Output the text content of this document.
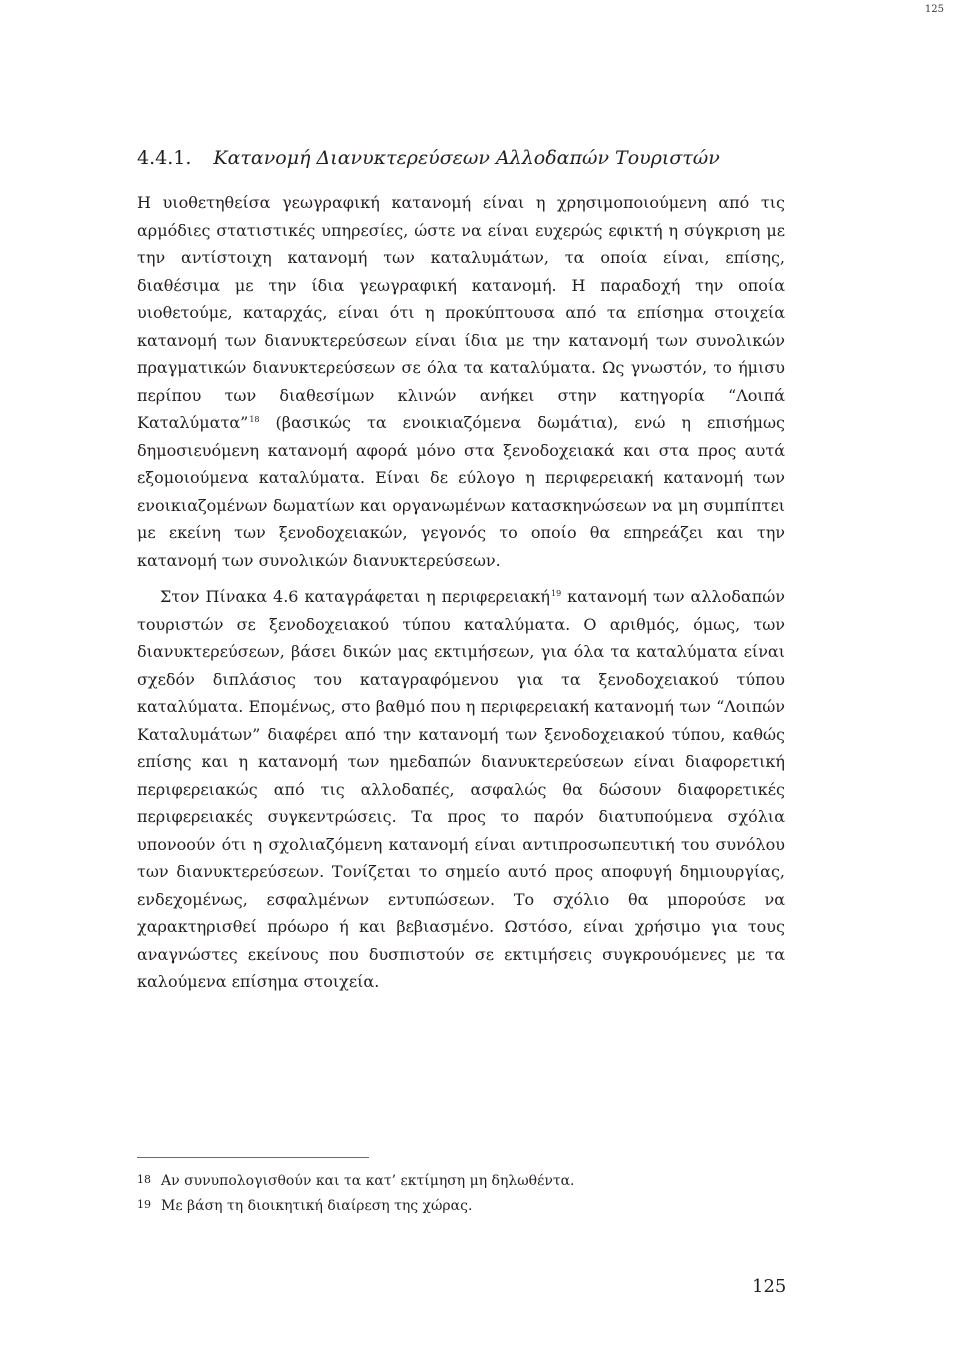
125
4.4.1. Κατανομή Διανυκτερεύσεων Αλλοδαπών Τουριστών

Η υιοθετηθείσα γεωγραφική κατανομή είναι η χρησιμοποιούμενη από τις αρμόδιες στατιστικές υπηρεσίες, ώστε να είναι ευχερώς εφικτή η σύγκριση με την αντίστοιχη κατανομή των καταλυμάτων, τα οποία είναι, επίσης, διαθέσιμα με την ίδια γεωγραφική κατανομή. Η παραδοχή την οποία υιοθετούμε, καταρχάς, είναι ότι η προκύπτουσα από τα επίσημα στοιχεία κατανομή των διανυκτερεύσεων είναι ίδια με την κατανομή των συνολικών πραγματικών διανυκτερεύσεων σε όλα τα καταλύματα. Ως γνωστόν, το ήμισυ περίπου των διαθεσίμων κλινών ανήκει στην κατηγορία “Λοιπά Καταλύματα”$^{18}$ (βασικώς τα ενοικιαζόμενα δωμάτια), ενώ η επισήμως δημοσιευόμενη κατανομή αφορά μόνο στα ξενοδοχειακά και στα προς αυτά εξομοιούμενα καταλύματα. Είναι δε εύλογο η περιφερειακή κατανομή των ενοικιαζομένων δωματίων και οργανωμένων κατασκηνώσεων να μη συμπίπτει με εκείνη των ξενοδοχειακών, γεγονός το οποίο θα επηρεάζει και την κατανομή των συνολικών διανυκτερεύσεων.

Στον Πίνακα 4.6 καταγράφεται η περιφερειακή$^{19}$ κατανομή των αλλοδαπών τουριστών σε ξενοδοχειακού τύπου καταλύματα. Ο αριθμός, όμως, των διανυκτερεύσεων, βάσει δικών μας εκτιμήσεων, για όλα τα καταλύματα είναι σχεδόν διπλάσιος του καταγραφόμενου για τα ξενοδοχειακού τύπου καταλύματα. Επομένως, στο βαθμό που η περιφερειακή κατανομή των “Λοιπών Καταλυμάτων” διαφέρει από την κατανομή των ξενοδοχειακού τύπου, καθώς επίσης και η κατανομή των ημεδαπών διανυκτερεύσεων είναι διαφορετική περιφερειακώς από τις αλλοδαπές, ασφαλώς θα δώσουν διαφορετικές περιφερειακές συγκεντρώσεις. Τα προς το παρόν διατυπούμενα σχόλια υπονοούν ότι η σχολιαζόμενη κατανομή είναι αντιπροσωπευτική του συνόλου των διανυκτερεύσεων. Τονίζεται το σημείο αυτό προς αποφυγή δημιουργίας, ενδεχομένως, εσφαλμένων εντυπώσεων. Το σχόλιο θα μπορούσε να χαρακτηρισθεί πρόωρο ή και βεβιασμένο. Ωστόσο, είναι χρήσιμο για τους αναγνώστες εκείνους που δυσπιστούν σε εκτιμήσεις συγκρουόμενες με τα καλούμενα επίσημα στοιχεία.

18 Αν συνυπολογισθούν και τα κατ’ εκτίμηση μη δηλωθέντα.
19 Με βάση τη διοικητική διαίρεση της χώρας.
125
